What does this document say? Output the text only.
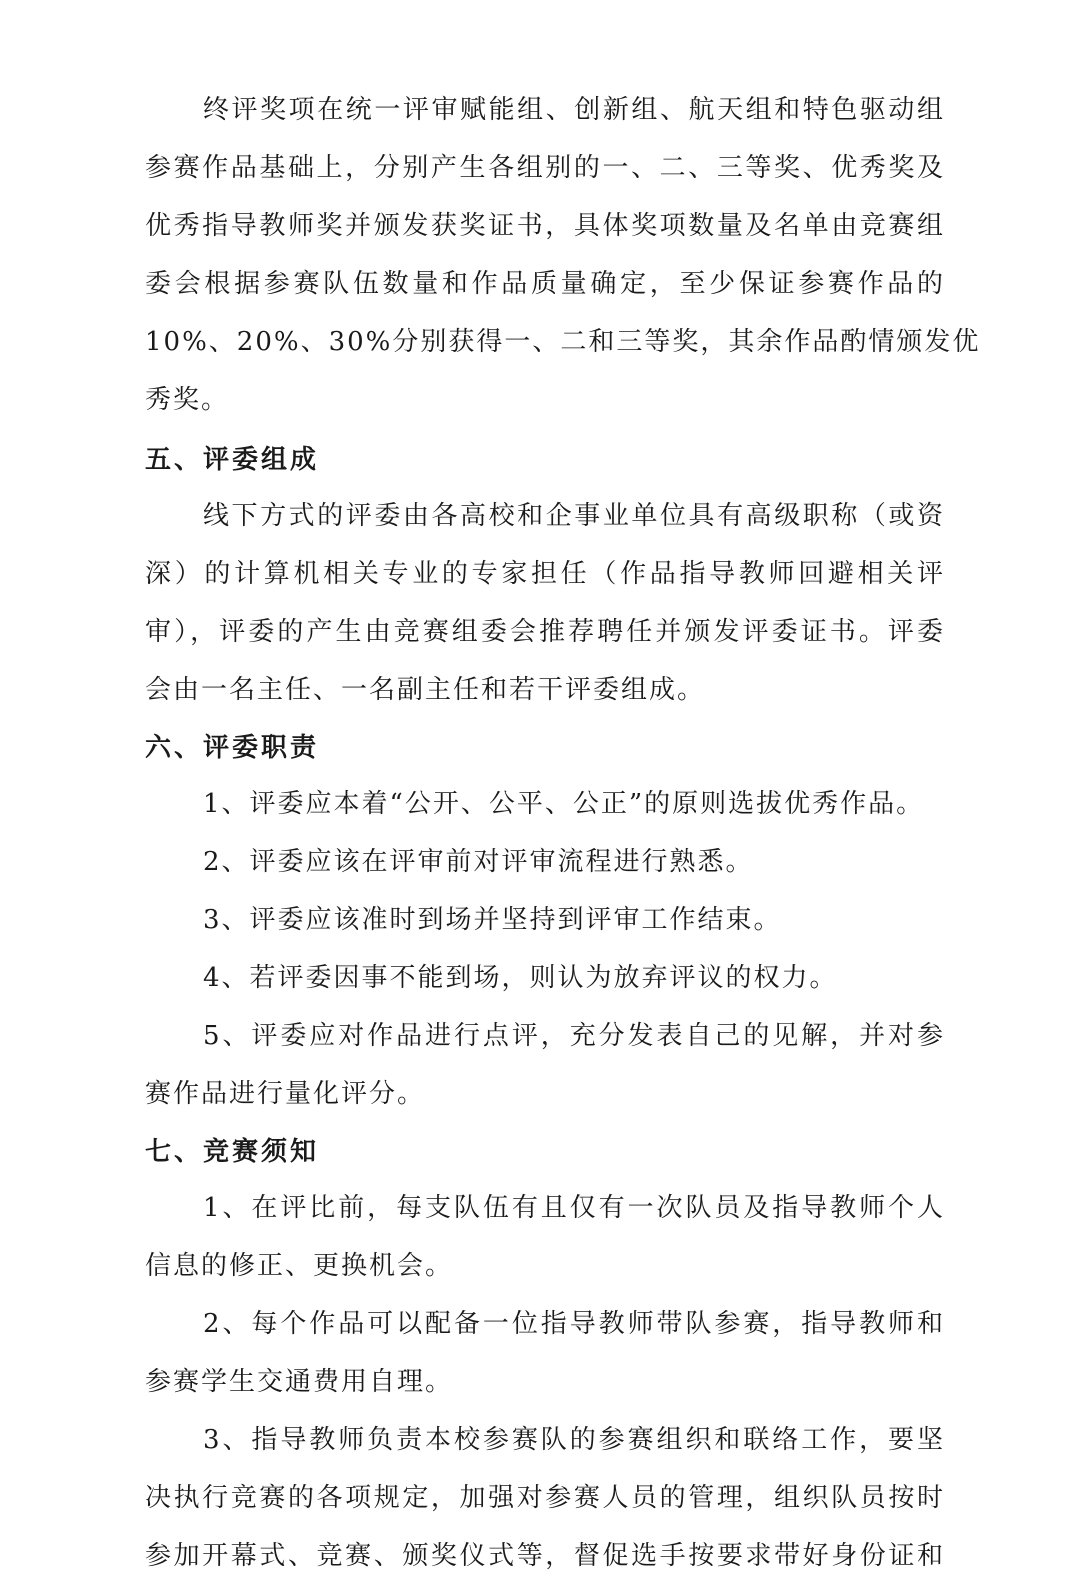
终评奖项在统一评审赋能组、创新组、航天组和特色驱动组
参赛作品基础上，分别产生各组别的一、二、三等奖、优秀奖及
优秀指导教师奖并颁发获奖证书，具体奖项数量及名单由竞赛组
委会根据参赛队伍数量和作品质量确定，至少保证参赛作品的
10%、20%、30%分别获得一、二和三等奖，其余作品酌情颁发优
秀奖。
五、评委组成
线下方式的评委由各高校和企事业单位具有高级职称（或资
深）的计算机相关专业的专家担任（作品指导教师回避相关评
审），评委的产生由竞赛组委会推荐聘任并颁发评委证书。评委
会由一名主任、一名副主任和若干评委组成。
六、评委职责
1、评委应本着“公开、公平、公正”的原则选拔优秀作品。
2、评委应该在评审前对评审流程进行熟悉。
3、评委应该准时到场并坚持到评审工作结束。
4、若评委因事不能到场，则认为放弃评议的权力。
5、评委应对作品进行点评，充分发表自己的见解，并对参
赛作品进行量化评分。
七、竞赛须知
1、在评比前，每支队伍有且仅有一次队员及指导教师个人
信息的修正、更换机会。
2、每个作品可以配备一位指导教师带队参赛，指导教师和
参赛学生交通费用自理。
3、指导教师负责本校参赛队的参赛组织和联络工作，要坚
决执行竞赛的各项规定，加强对参赛人员的管理，组织队员按时
参加开幕式、竞赛、颁奖仪式等，督促选手按要求带好身份证和
